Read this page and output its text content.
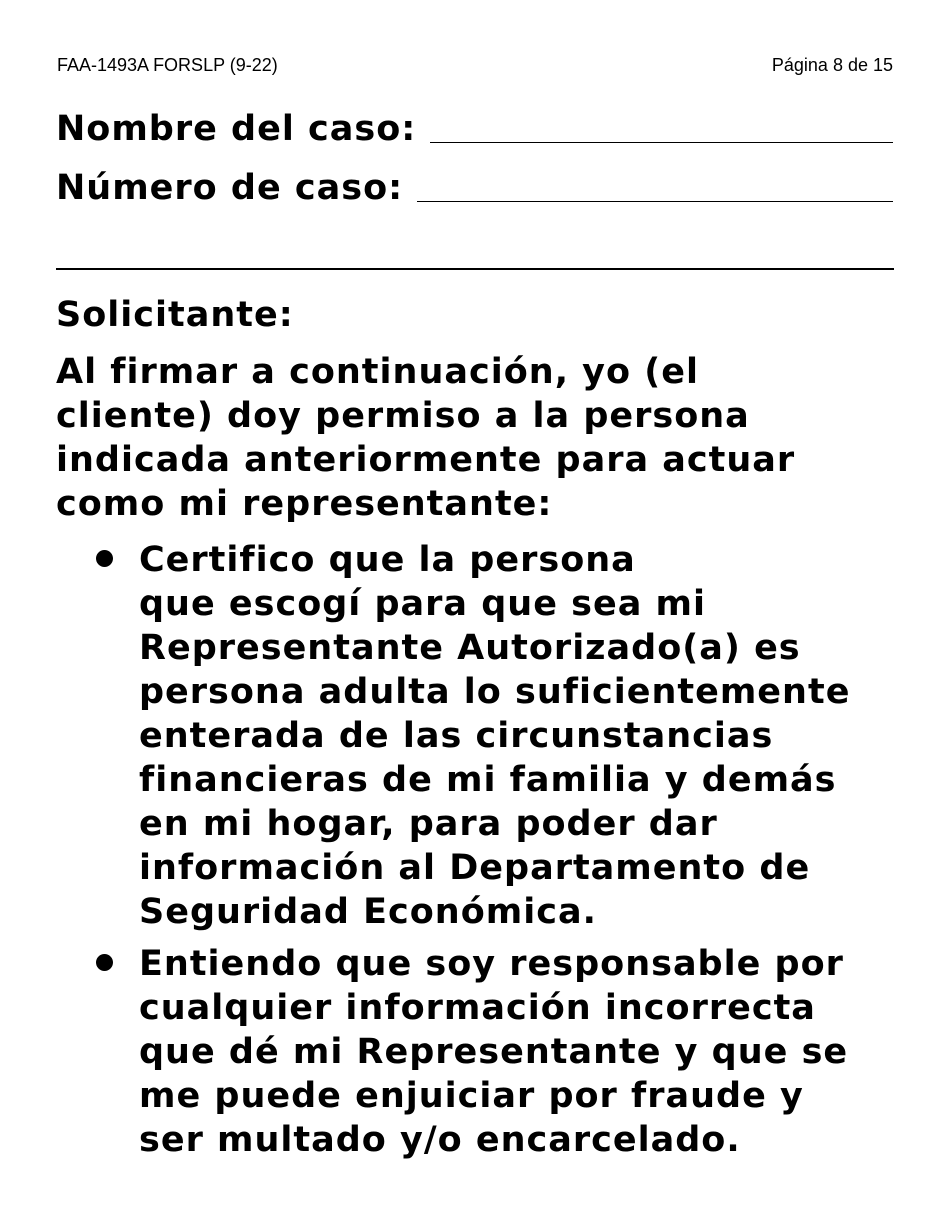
FAA-1493A FORSLP (9-22)	Página 8 de 15
Nombre del caso:
Número de caso:
Solicitante:

Al firmar a continuación, yo (el
cliente) doy permiso a la persona
indicada anteriormente para actuar
como mi representante:

Certifico que la persona
que escogí para que sea mi
Representante Autorizado(a) es
persona adulta lo suficientemente
enterada de las circunstancias
financieras de mi familia y demás
en mi hogar, para poder dar
información al Departamento de
Seguridad Económica.
Entiendo que soy responsable por
cualquier información incorrecta
que dé mi Representante y que se
me puede enjuiciar por fraude y
ser multado y/o encarcelado.
